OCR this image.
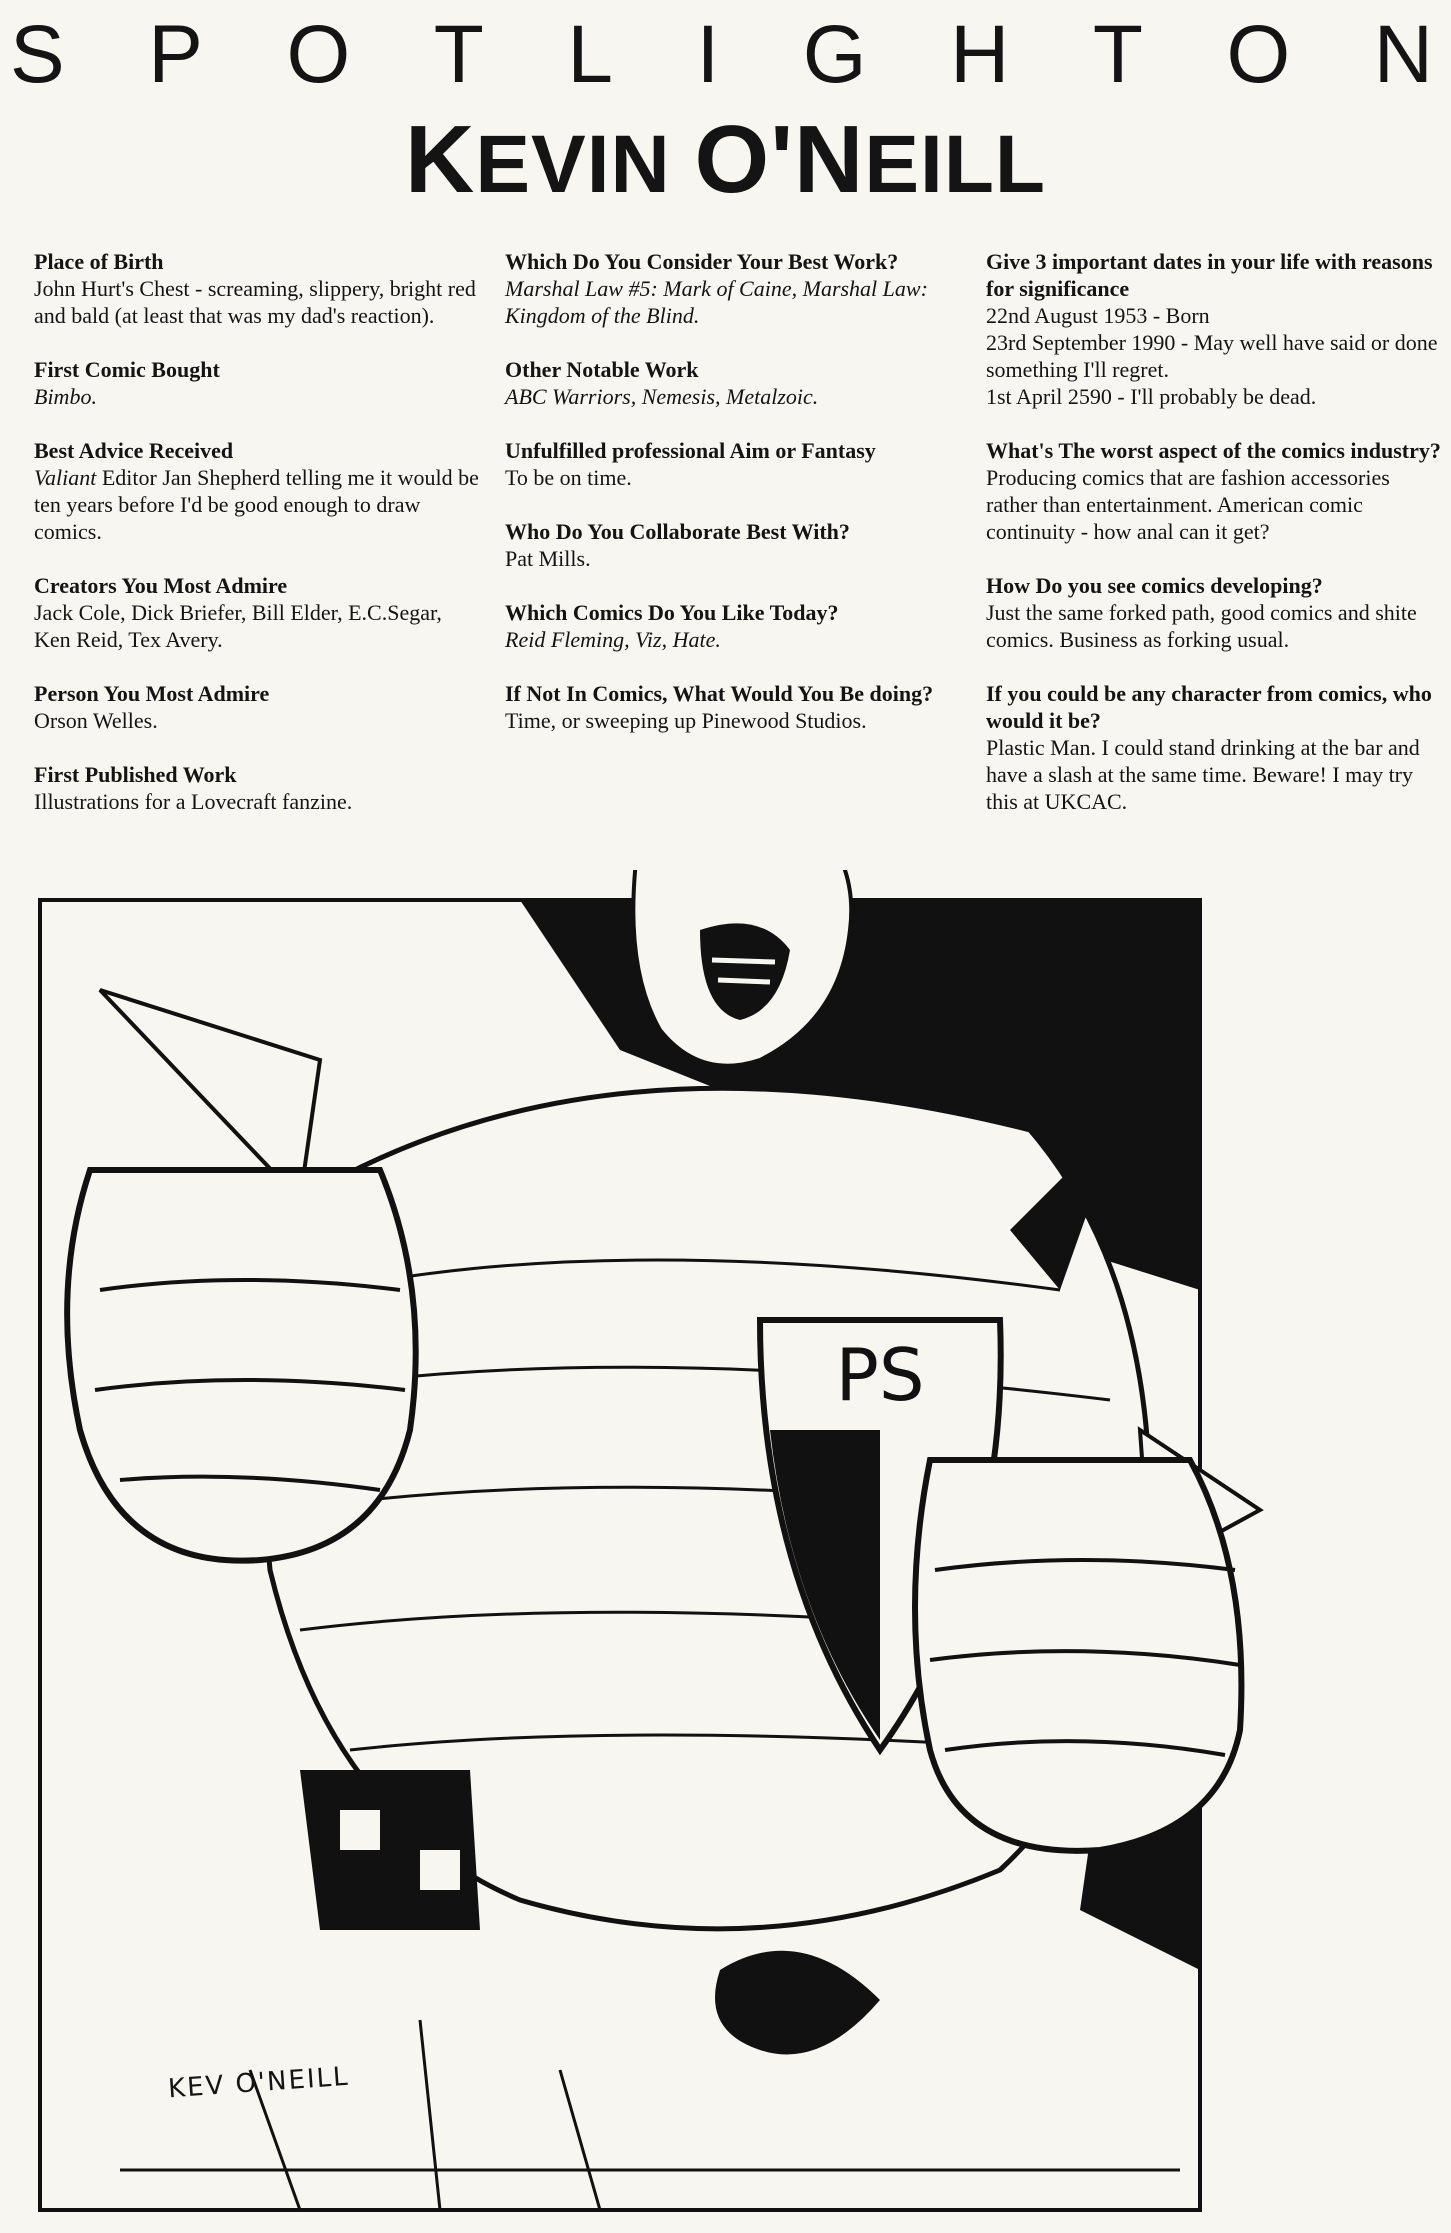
S P O T L I G H T O N
KEVIN O'NEILL
Place of Birth
John Hurt's Chest - screaming, slippery, bright red and bald (at least that was my dad's reaction).
First Comic Bought
Bimbo.
Best Advice Received
Valiant Editor Jan Shepherd telling me it would be ten years before I'd be good enough to draw comics.
Creators You Most Admire
Jack Cole, Dick Briefer, Bill Elder, E.C.Segar, Ken Reid, Tex Avery.
Person You Most Admire
Orson Welles.
First Published Work
Illustrations for a Lovecraft fanzine.
Which Do You Consider Your Best Work?
Marshal Law #5: Mark of Caine, Marshal Law: Kingdom of the Blind.
Other Notable Work
ABC Warriors, Nemesis, Metalzoic.
Unfulfilled professional Aim or Fantasy
To be on time.
Who Do You Collaborate Best With?
Pat Mills.
Which Comics Do You Like Today?
Reid Fleming, Viz, Hate.
If Not In Comics, What Would You Be doing?
Time, or sweeping up Pinewood Studios.
Give 3 important dates in your life with reasons for significance
22nd August 1953 - Born
23rd September 1990 - May well have said or done something I'll regret.
1st April 2590 - I'll probably be dead.
What's The worst aspect of the comics industry?
Producing comics that are fashion accessories rather than entertainment. American comic continuity - how anal can it get?
How Do you see comics developing?
Just the same forked path, good comics and shite comics. Business as forking usual.
If you could be any character from comics, who would it be?
Plastic Man. I could stand drinking at the bar and have a slash at the same time. Beware! I may try this at UKCAC.
PS
KEV O'NEILL
